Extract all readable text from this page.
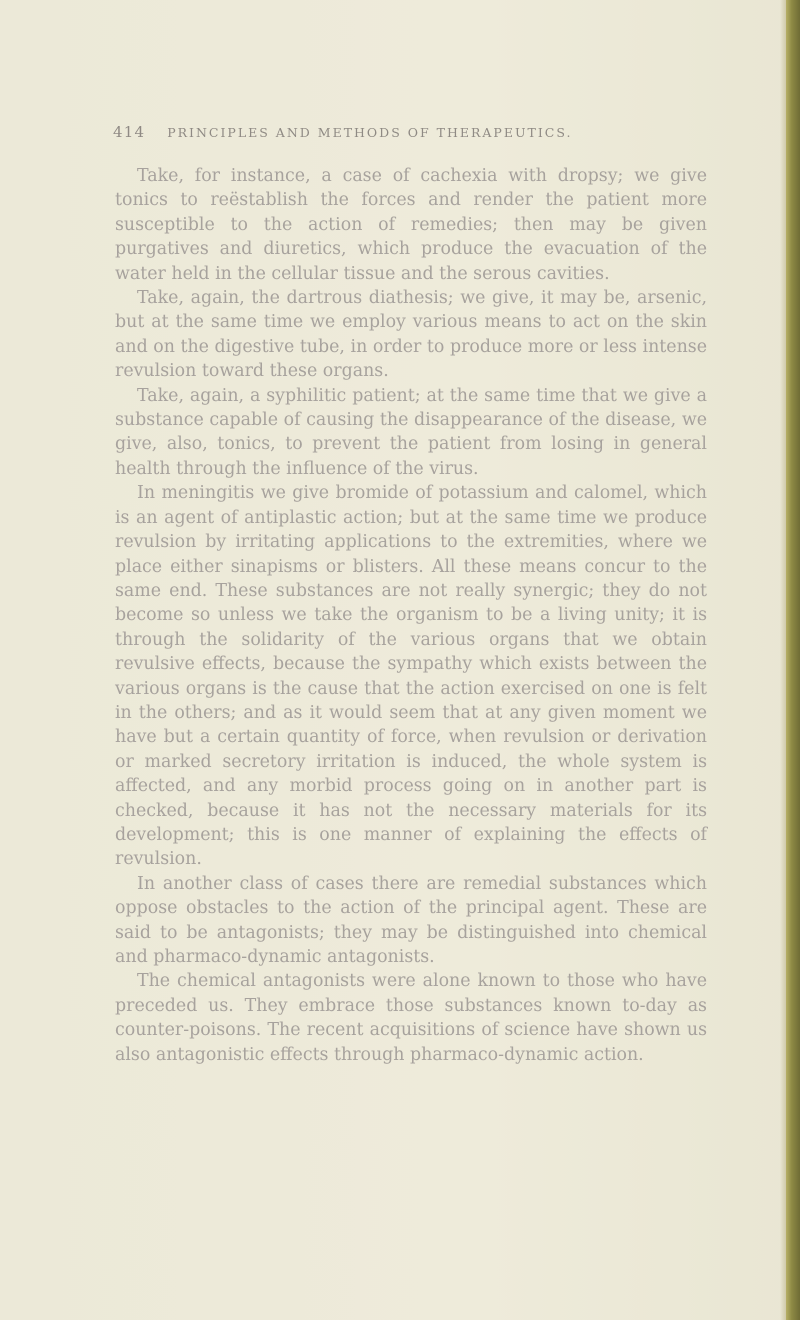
414 PRINCIPLES AND METHODS OF THERAPEUTICS.

Take, for instance, a case of cachexia with dropsy; we give tonics to reëstablish the forces and render the patient more susceptible to the action of remedies; then may be given purgatives and diuretics, which produce the evacuation of the water held in the cellular tissue and the serous cavities.

Take, again, the dartrous diathesis; we give, it may be, arsenic, but at the same time we employ various means to act on the skin and on the digestive tube, in order to produce more or less intense revulsion toward these organs.

Take, again, a syphilitic patient; at the same time that we give a substance capable of causing the disappearance of the disease, we give, also, tonics, to prevent the patient from losing in general health through the influence of the virus.

In meningitis we give bromide of potassium and calomel, which is an agent of antiplastic action; but at the same time we produce revulsion by irritating applications to the extremities, where we place either sinapisms or blisters. All these means concur to the same end. These substances are not really synergic; they do not become so unless we take the organism to be a living unity; it is through the solidarity of the various organs that we obtain revulsive effects, because the sympathy which exists between the various organs is the cause that the action exercised on one is felt in the others; and as it would seem that at any given moment we have but a certain quantity of force, when revulsion or derivation or marked secretory irritation is induced, the whole system is affected, and any morbid process going on in another part is checked, because it has not the necessary materials for its development; this is one manner of explaining the effects of revulsion.

In another class of cases there are remedial substances which oppose obstacles to the action of the principal agent. These are said to be antagonists; they may be distinguished into chemical and pharmaco-dynamic antagonists.

The chemical antagonists were alone known to those who have preceded us. They embrace those substances known to-day as counter-poisons. The recent acquisitions of science have shown us also antagonistic effects through pharmaco-dynamic action.
